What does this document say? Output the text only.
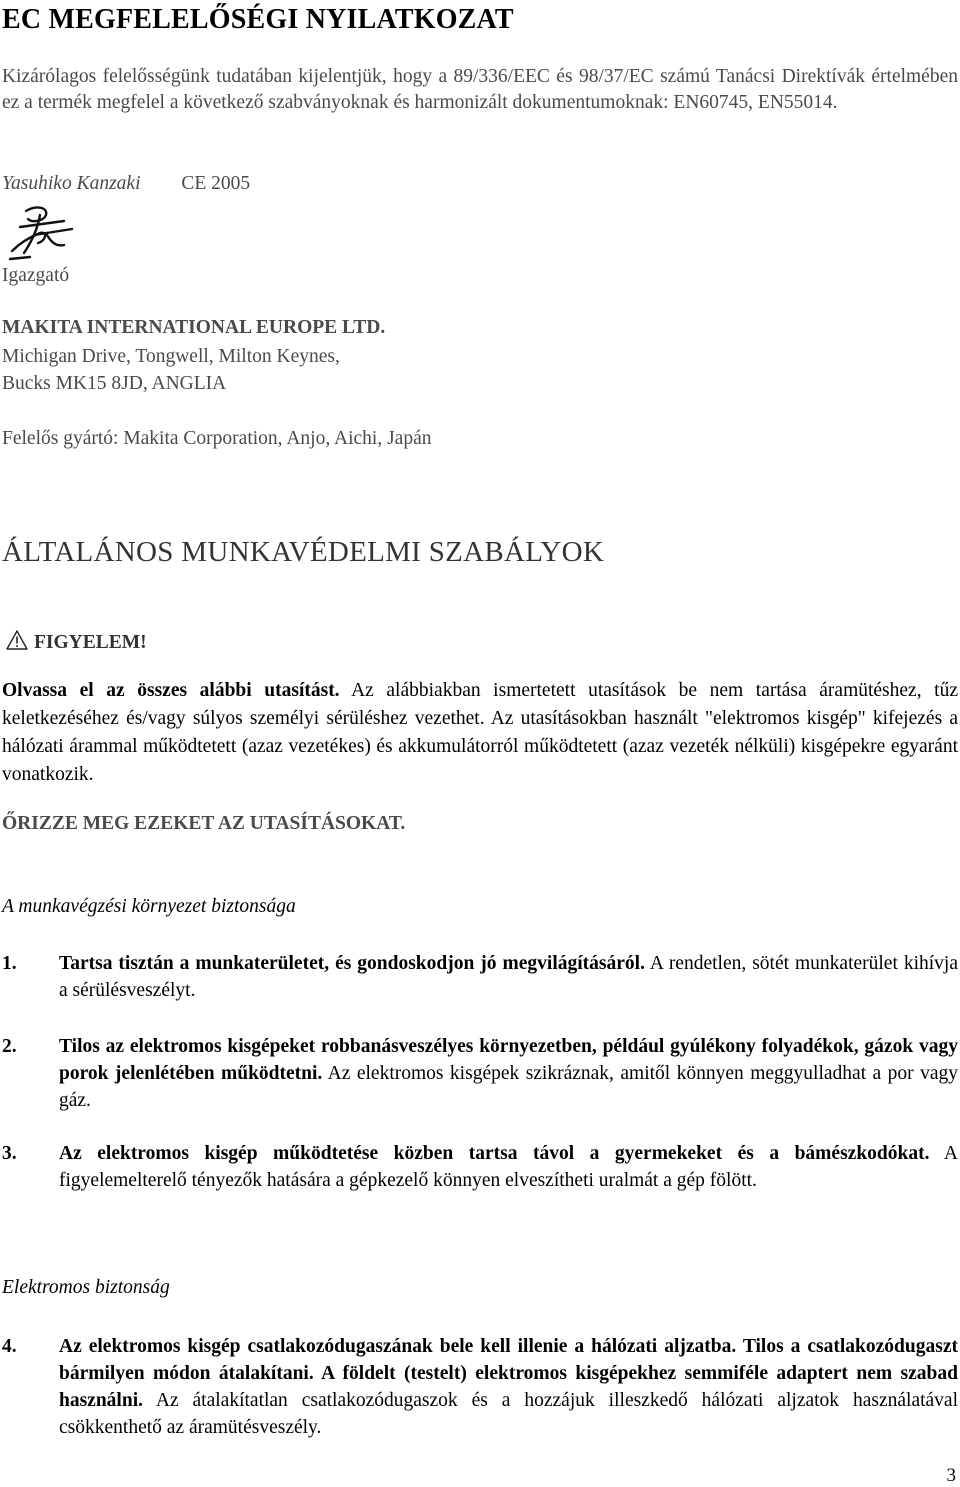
EC MEGFELELŐSÉGI NYILATKOZAT
Kizárólagos felelősségünk tudatában kijelentjük, hogy a 89/336/EEC és 98/37/EC számú Tanácsi Direktívák értelmében ez a termék megfelel a következő szabványoknak és harmonizált dokumentumoknak: EN60745, EN55014.
Yasuhiko Kanzaki CE 2005
Igazgató
MAKITA INTERNATIONAL EUROPE LTD.
Michigan Drive, Tongwell, Milton Keynes,
Bucks MK15 8JD, ANGLIA
Felelős gyártó: Makita Corporation, Anjo, Aichi, Japán
ÁLTALÁNOS MUNKAVÉDELMI SZABÁLYOK
FIGYELEM!
Olvassa el az összes alábbi utasítást. Az alábbiakban ismertetett utasítások be nem tartása áramütéshez, tűz keletkezéséhez és/vagy súlyos személyi sérüléshez vezethet. Az utasításokban használt "elektromos kisgép" kifejezés a hálózati árammal működtetett (azaz vezetékes) és akkumulátorról működtetett (azaz vezeték nélküli) kisgépekre egyaránt vonatkozik.
ŐRIZZE MEG EZEKET AZ UTASÍTÁSOKAT.
A munkavégzési környezet biztonsága
1. Tartsa tisztán a munkaterületet, és gondoskodjon jó megvilágításáról. A rendetlen, sötét munkaterület kihívja a sérülésveszélyt.
2. Tilos az elektromos kisgépeket robbanásveszélyes környezetben, például gyúlékony folyadékok, gázok vagy porok jelenlétében működtetni. Az elektromos kisgépek szikráznak, amitől könnyen meggyulladhat a por vagy gáz.
3. Az elektromos kisgép működtetése közben tartsa távol a gyermekeket és a bámészkodókat. A figyelemelterelő tényezők hatására a gépkezelő könnyen elveszítheti uralmát a gép fölött.
Elektromos biztonság
4. Az elektromos kisgép csatlakozódugaszának bele kell illenie a hálózati aljzatba. Tilos a csatlakozódugaszt bármilyen módon átalakítani. A földelt (testelt) elektromos kisgépekhez semmiféle adaptert nem szabad használni. Az átalakítatlan csatlakozódugaszok és a hozzájuk illeszkedő hálózati aljzatok használatával csökkenthető az áramütésveszély.
3
